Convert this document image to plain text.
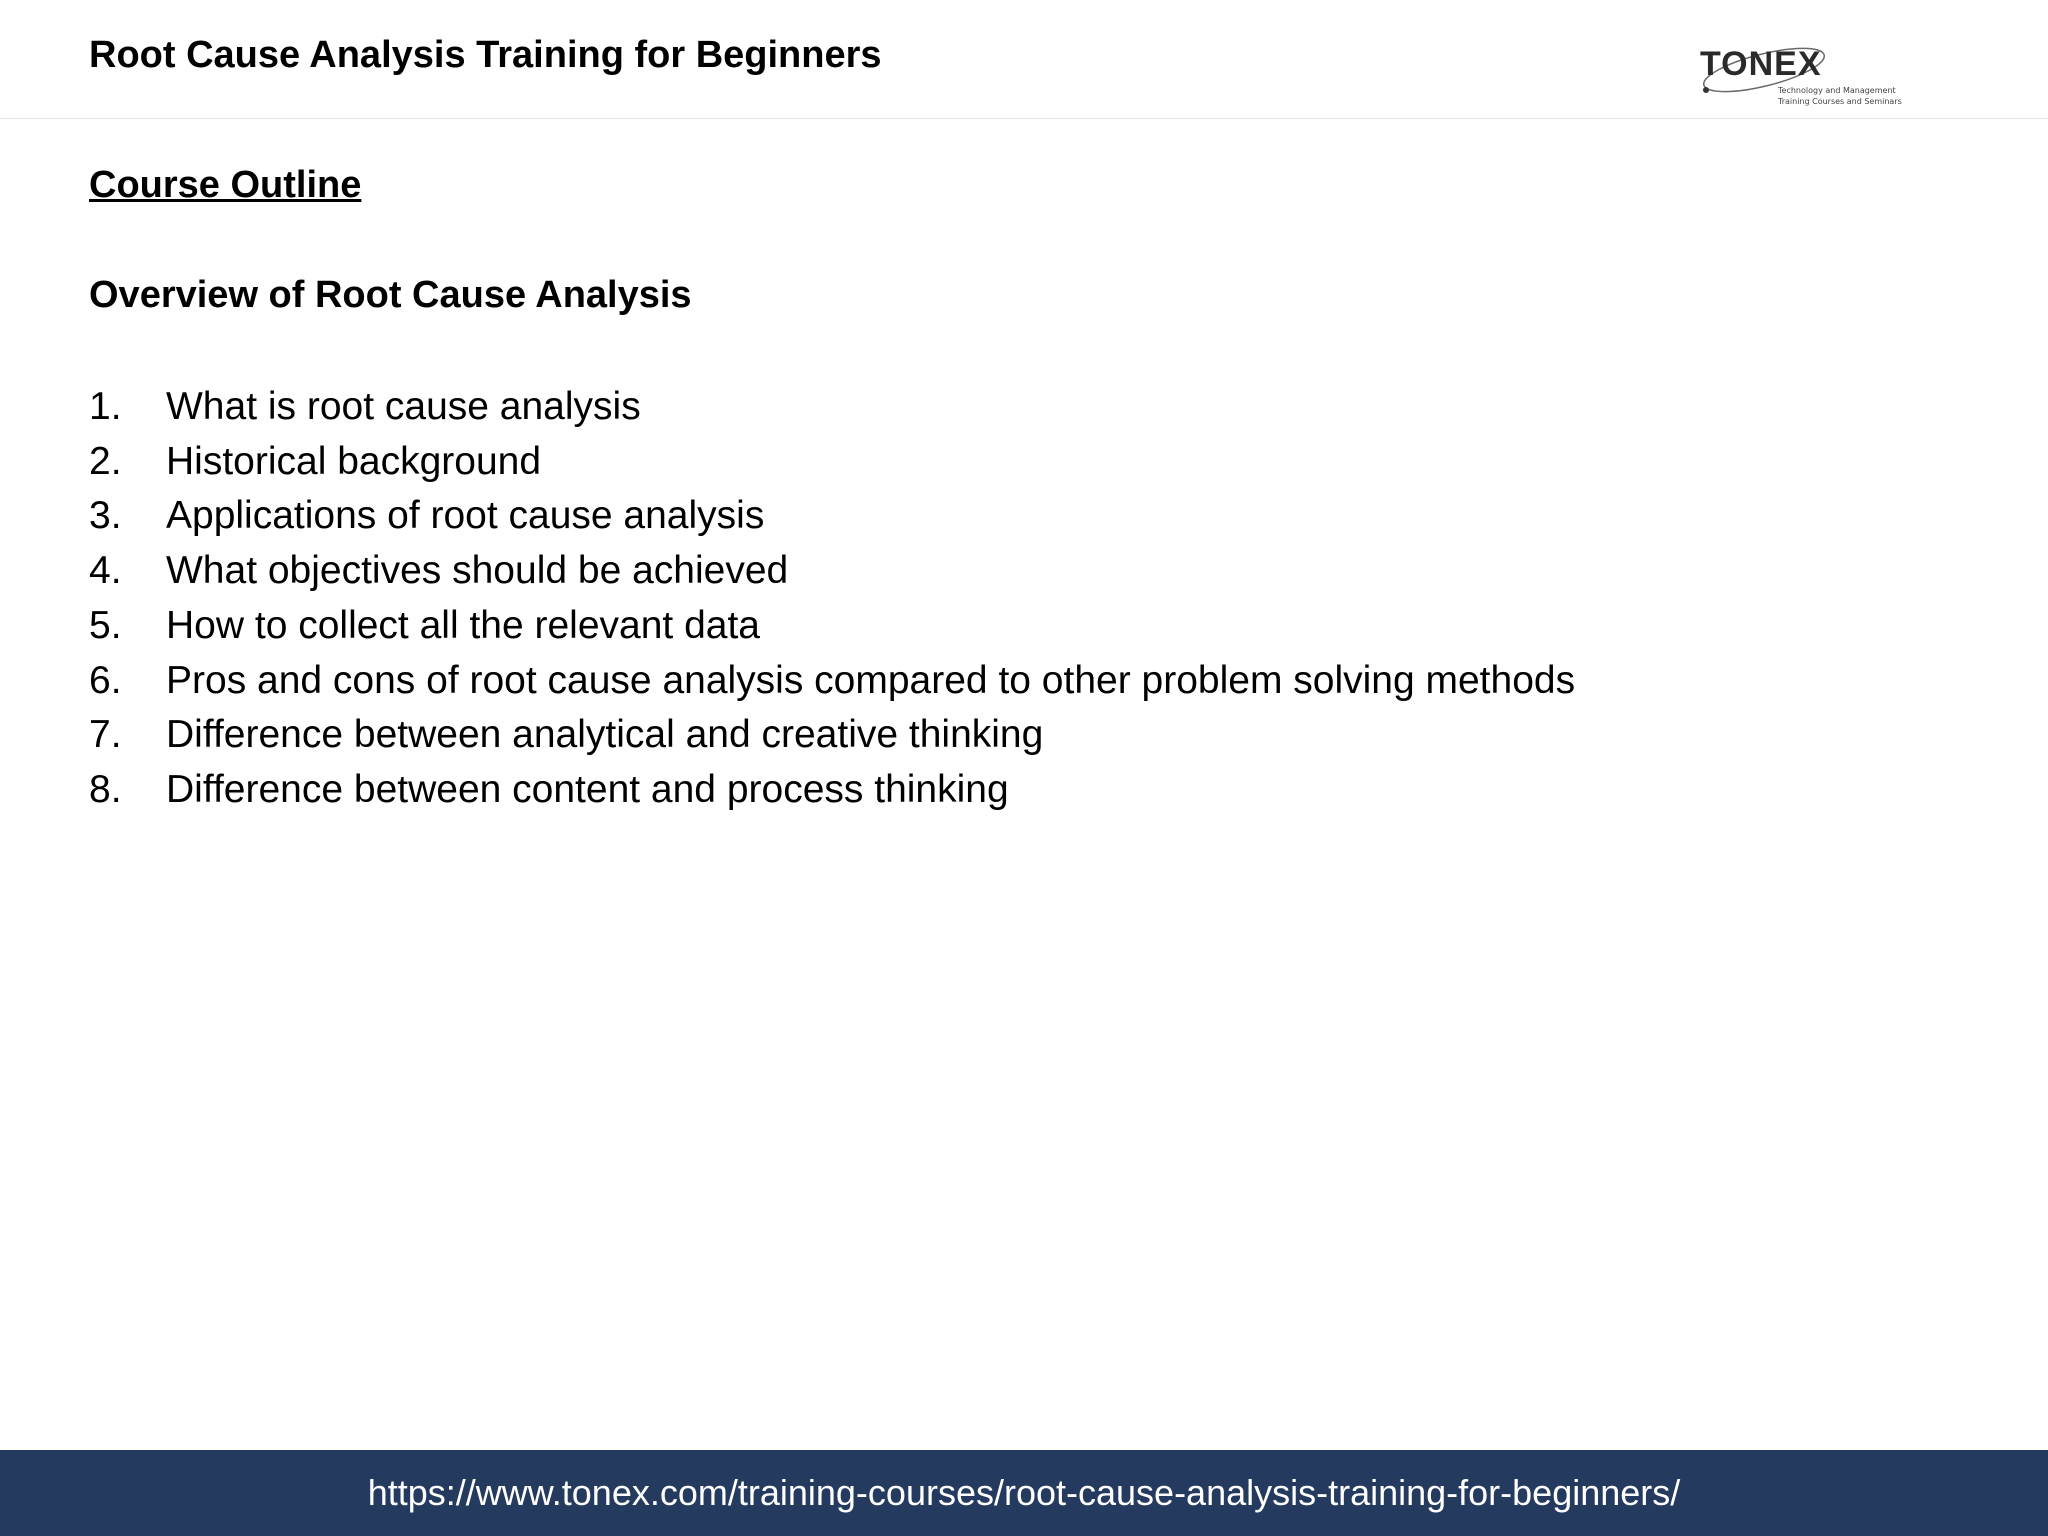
Root Cause Analysis Training for Beginners	TONEX
Technology and Management
Training Courses and Seminars
Course Outline
Overview of Root Cause Analysis
1.	What is root cause analysis
2.	Historical background
3.	Applications of root cause analysis
4.	What objectives should be achieved
5.	How to collect all the relevant data
6.	Pros and cons of root cause analysis compared to other problem solving methods
7.	Difference between analytical and creative thinking
8.	Difference between content and process thinking
https://www.tonex.com/training-courses/root-cause-analysis-training-for-beginners/
